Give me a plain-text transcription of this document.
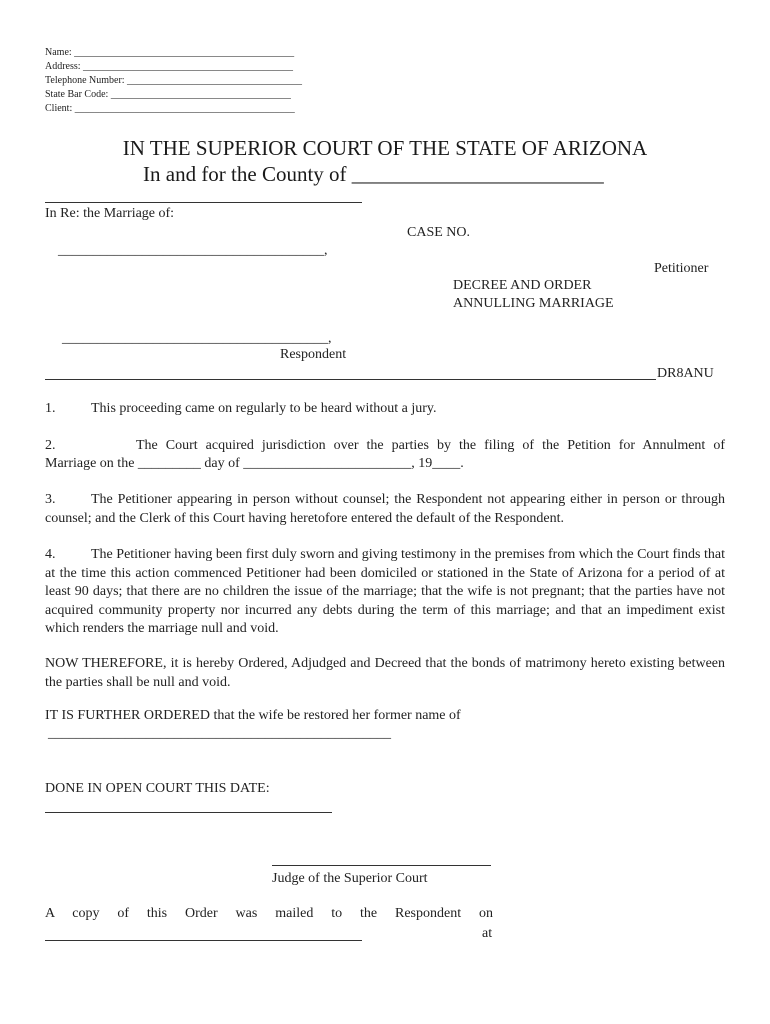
Name: ____________________________________________
Address: __________________________________________
Telephone Number: ___________________________________
State Bar Code: ____________________________________
Client: ____________________________________________
IN THE SUPERIOR COURT OF THE STATE OF ARIZONA
In and for the County of ________________________
In Re: the Marriage of:
CASE NO.
______________________________________,
Petitioner
DECREE AND ORDER
ANNULLING MARRIAGE
______________________________________,
Respondent
DR8ANU
1.	This proceeding came on regularly to be heard without a jury.
2.	The Court acquired jurisdiction over the parties by the filing of the Petition for Annulment of
Marriage on the _________ day of ________________________, 19____.
3.	The Petitioner appearing in person without counsel; the Respondent not appearing either in person or through counsel; and the Clerk of this Court having heretofore entered the default of the Respondent.
4.	The Petitioner having been first duly sworn and giving testimony in the premises from which the Court finds that at the time this action commenced Petitioner had been domiciled or stationed in the State of Arizona for a period of at least 90 days; that there are no children the issue of the marriage; that the wife is not pregnant; that the parties have not acquired community property nor incurred any debts during the term of this marriage; and that an impediment exist which renders the marriage null and void.
NOW THEREFORE, it is hereby Ordered, Adjudged and Decreed that the bonds of matrimony hereto existing between the parties shall be null and void.
IT IS FURTHER ORDERED that the wife be restored her former name of
_________________________________________________
DONE IN OPEN COURT THIS DATE:
Judge of the Superior Court
A copy of this Order was mailed to the Respondent on
at
